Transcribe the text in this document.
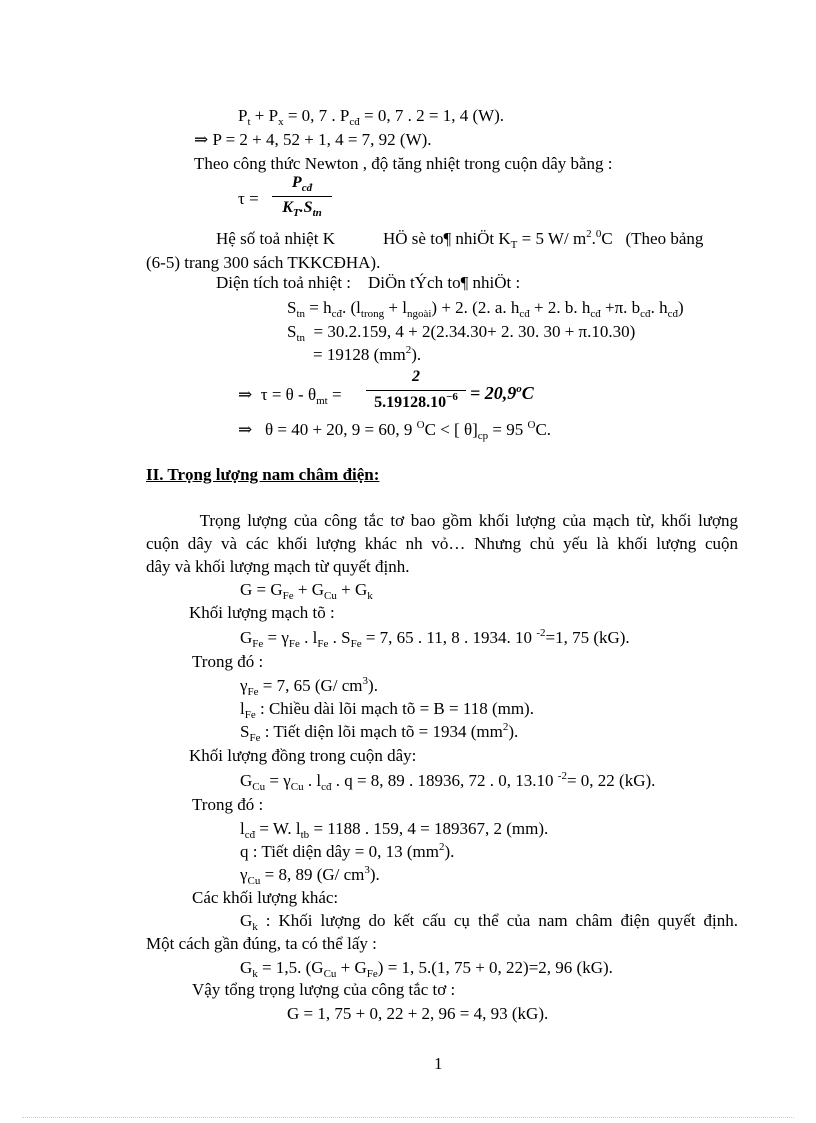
$P_t + P_x = 0$, 7 . $P_{cđ} = 0$, 7 . 2 = 1, 4 (W).
⇒ P = 2 + 4, 52 + 1, 4 = 7, 92 (W).
Theo công thức Newton , độ tăng nhiệt trong cuộn dây bằng :
τ =
$P_{cđ}$
$K_T.S_{tn}$
Hệ số toả nhiệt K	HÖ sè to¶ nhiÖt $K_T = 5$ W/ $m^2.^0C$   (Theo bảng
(6-5) trang 300 sách TKKCĐHA).
Diện tích toả nhiệt :    DiÖn tÝch to¶ nhiÖt :
$S_{tn} = h_{cđ}$. $(l_{trong} + l_{ngoài}) + 2$. (2. a. $h_{cđ} + 2$. b. $h_{cđ} +\pi$. $b_{cđ}$. $h_{cđ}$)
$S_{tn} = 30.2.159$, 4 + 2(2.34.30+ 2. 30. 30 + π.10.30)
= 19128 $(mm^2)$.
⇒  $\tau = \theta - \theta_{mt}$ =
2
$5.19128.10^{-6} = 20,9^oC$
⇒   θ = 40 + 20, 9 = 60, 9 $^O$C < [ $\theta]_{cp} = 95$ $^O$C.
II. Trọng lượng nam châm điện:
Trọng lượng của công tắc tơ bao gồm khối lượng của mạch từ, khối lượng
cuộn dây và các khối lượng khác nh vỏ… Nhưng chủ yếu là khối lượng cuộn
dây và khối lượng mạch từ quyết định.
$G = G_{Fe} + G_{Cu} + G_k$
Khối lượng mạch tõ :
$G_{Fe} = \gamma_{Fe}$ . $l_{Fe}$ . $S_{Fe} = 7$, 65 . 11, 8 . 1934. 10 $^{-2}$=1, 75 (kG).
Trong đó :
$\gamma_{Fe} = 7$, 65 (G/ $cm^3$).
$l_{Fe}$ : Chiều dài lõi mạch tõ = B = 118 (mm).
$S_{Fe}$ : Tiết diện lõi mạch tõ = 1934 $(mm^2)$.
Khối lượng đồng trong cuộn dây:
$G_{Cu} = \gamma_{Cu}$ . $l_{cđ}$ . q = 8, 89 . 18936, 72 . 0, 13.10 $^{-2}$= 0, 22 (kG).
Trong đó :
$l_{cđ} = W$. $l_{tb} = 1188$ . 159, 4 = 189367, 2 (mm).
q : Tiết diện dây = 0, 13 $(mm^2)$.
$\gamma_{Cu} = 8$, 89 (G/ $cm^3$).
Các khối lượng khác:
$G_k$ : Khối lượng do kết cấu cụ thể của nam châm điện quyết định.
Một cách gần đúng, ta có thể lấy :
$G_k = 1,5$. $(G_{Cu} + G_{Fe}) = 1$, 5.(1, 75 + 0, 22)=2, 96 (kG).
Vậy tổng trọng lượng của công tắc tơ :
G = 1, 75 + 0, 22 + 2, 96 = 4, 93 (kG).
1
